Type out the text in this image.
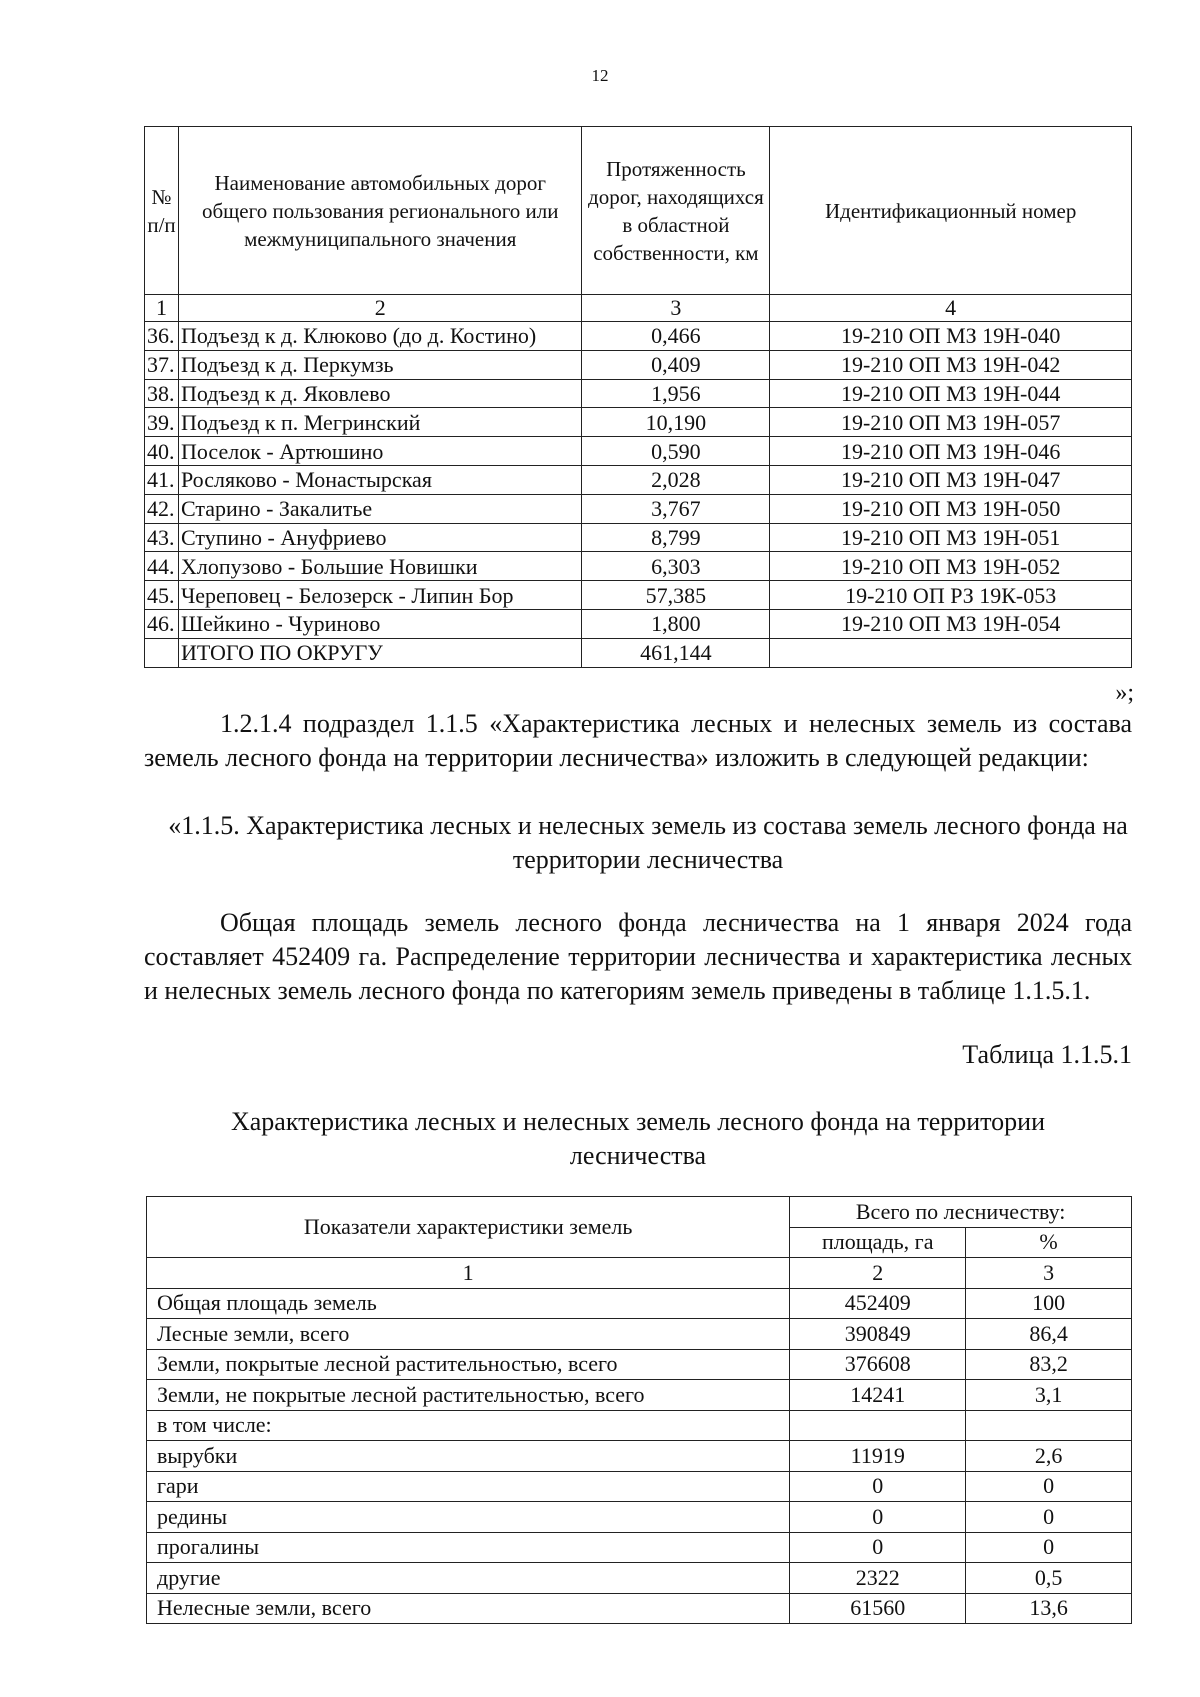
12
№ п/п	Наименование автомобильных дорог общего пользования регионального или межмуниципального значения	Протяженность дорог, находящихся в областной собственности, км	Идентификационный номер
1	2	3	4
36.	Подъезд к д. Клюково (до д. Костино)	0,466	19-210 ОП МЗ 19Н-040
37.	Подъезд к д. Перкумзь	0,409	19-210 ОП МЗ 19Н-042
38.	Подъезд к д. Яковлево	1,956	19-210 ОП МЗ 19Н-044
39.	Подъезд к п. Мегринский	10,190	19-210 ОП МЗ 19Н-057
40.	Поселок - Артюшино	0,590	19-210 ОП МЗ 19Н-046
41.	Росляково - Монастырская	2,028	19-210 ОП МЗ 19Н-047
42.	Старино - Закалитье	3,767	19-210 ОП МЗ 19Н-050
43.	Ступино - Ануфриево	8,799	19-210 ОП МЗ 19Н-051
44.	Хлопузово - Большие Новишки	6,303	19-210 ОП МЗ 19Н-052
45.	Череповец - Белозерск - Липин Бор	57,385	19-210 ОП РЗ 19К-053
46.	Шейкино - Чуриново	1,800	19-210 ОП МЗ 19Н-054
	ИТОГО ПО ОКРУГУ	461,144	
»;
1.2.1.4 подраздел 1.1.5 «Характеристика лесных и нелесных земель из состава земель лесного фонда на территории лесничества» изложить в следующей редакции:
«1.1.5. Характеристика лесных и нелесных земель из состава земель лесного фонда на территории лесничества
Общая площадь земель лесного фонда лесничества на 1 января 2024 года составляет 452409 га. Распределение территории лесничества и характеристика лесных и нелесных земель лесного фонда по категориям земель приведены в таблице 1.1.5.1.
Таблица 1.1.5.1
Характеристика лесных и нелесных земель лесного фонда на территории лесничества
Показатели характеристики земель	Всего по лесничеству:	
	площадь, га	%
1	2	3
Общая площадь земель	452409	100
Лесные земли, всего	390849	86,4
Земли, покрытые лесной растительностью, всего	376608	83,2
Земли, не покрытые лесной растительностью, всего	14241	3,1
в том числе:		
вырубки	11919	2,6
гари	0	0
редины	0	0
прогалины	0	0
другие	2322	0,5
Нелесные земли, всего	61560	13,6
